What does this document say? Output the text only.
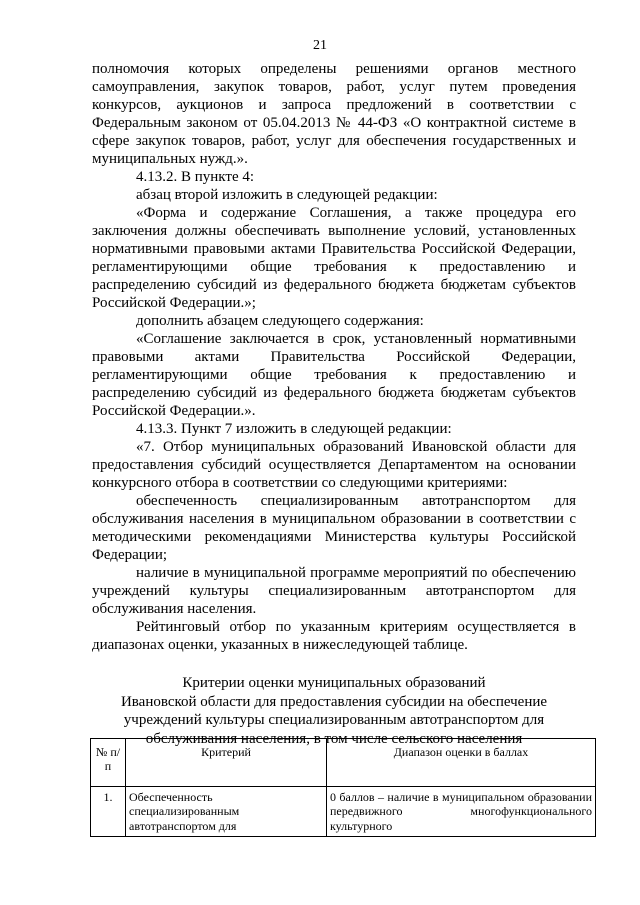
21

полномочия которых определены решениями органов местного самоуправления, закупок товаров, работ, услуг путем проведения конкурсов, аукционов и запроса предложений в соответствии с Федеральным законом от 05.04.2013 № 44-ФЗ «О контрактной системе в сфере закупок товаров, работ, услуг для обеспечения государственных и муниципальных нужд.».

4.13.2. В пункте 4:

абзац второй изложить в следующей редакции:

«Форма и содержание Соглашения, а также процедура его заключения должны обеспечивать выполнение условий, установленных нормативными правовыми актами Правительства Российской Федерации, регламентирующими общие требования к предоставлению и распределению субсидий из федерального бюджета бюджетам субъектов Российской Федерации.»;

дополнить абзацем следующего содержания:

«Соглашение заключается в срок, установленный нормативными правовыми актами Правительства Российской Федерации, регламентирующими общие требования к предоставлению и распределению субсидий из федерального бюджета бюджетам субъектов Российской Федерации.».

4.13.3. Пункт 7 изложить в следующей редакции:

«7. Отбор муниципальных образований Ивановской области для предоставления субсидий осуществляется Департаментом на основании конкурсного отбора в соответствии со следующими критериями:

обеспеченность специализированным автотранспортом для обслуживания населения в муниципальном образовании в соответствии с методическими рекомендациями Министерства культуры Российской Федерации;

наличие в муниципальной программе мероприятий по обеспечению учреждений культуры специализированным автотранспортом для обслуживания населения.

Рейтинговый отбор по указанным критериям осуществляется в диапазонах оценки, указанных в нижеследующей таблице.

Критерии оценки муниципальных образований

Ивановской области для предоставления субсидии на обеспечение

учреждений культуры специализированным автотранспортом для

обслуживания населения, в том числе сельского населения

№ п/п	Критерий	Диапазон оценки в баллах
1.	Обеспеченность специализированным автотранспортом для	0 баллов – наличие в муниципальном образовании передвижного многофункционального культурного
